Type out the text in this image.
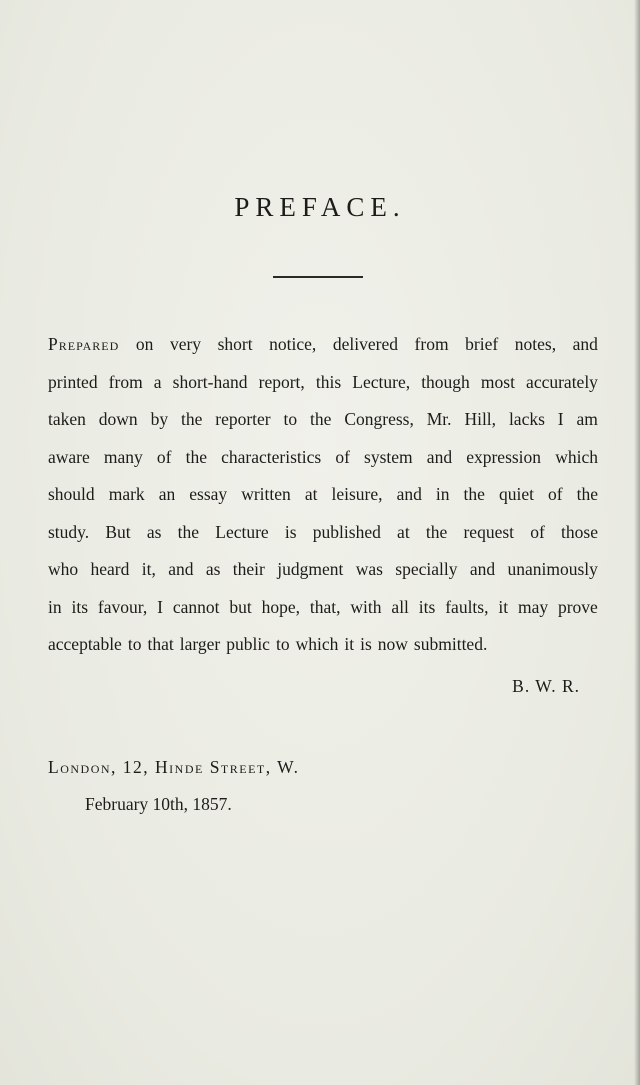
PREFACE.
Prepared on very short notice, delivered from brief notes, and
printed from a short-hand report, this Lecture, though most accurately
taken down by the reporter to the Congress, Mr. Hill, lacks I am
aware many of the characteristics of system and expression which
should mark an essay written at leisure, and in the quiet of the
study. But as the Lecture is published at the request of those
who heard it, and as their judgment was specially and unanimously
in its favour, I cannot but hope, that, with all its faults, it may prove
acceptable to that larger public to which it is now submitted.
B. W. R.
London, 12, Hinde Street, W.
February 10th, 1857.
